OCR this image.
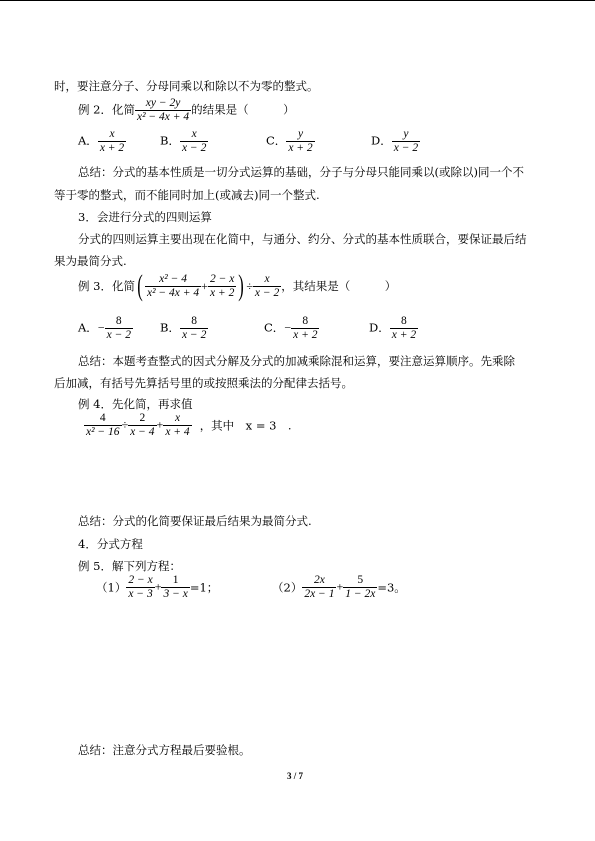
时，要注意分子、分母同乘以和除以不为零的整式。
例 2．化简 $\frac{xy - 2y}{\text{x² − 4x + 4}}$ 的结果是（　　　）
A． $\frac{x}{x + 2}$	B． $\frac{x}{x - 2}$	C． $\frac{y}{x + 2}$	D． $\frac{y}{x - 2}$
总结：分式的基本性质是一切分式运算的基础，分子与分母只能同乘以(或除以)同一个不
等于零的整式，而不能同时加上(或减去)同一个整式.
3．会进行分式的四则运算
分式的四则运算主要出现在化简中，与通分、约分、分式的基本性质联合，要保证最后结
果为最简分式.
例 3．化简( $\frac{\text{x² − 4}}{\text{x² − 4x + 4}} + \frac{2 - x}{x + 2}$ ) ÷ $\frac{x}{x - 2}$ ，其结果是（　　　）
A．− $\frac{8}{x - 2}$ B． $\frac{8}{x - 2}$	C．− $\frac{8}{x + 2}$	D． $\frac{8}{x + 2}$
总结：本题考查整式的因式分解及分式的加减乘除混和运算，要注意运算顺序。先乘除
后加减，有括号先算括号里的或按照乘法的分配律去括号。
例 4．先化简，再求值
$\frac{4}{\text{x² − 16}} \div \frac{2}{x - 4} + \frac{x}{x + 4}$ ，其中　x = 3　.
总结：分式的化简要保证最后结果为最简分式.
4．分式方程
例 5．解下列方程：
$(1) \frac{2 - x}{x - 3} + \frac{1}{3 - x} =1$；	$(2) \frac{2x}{2x - 1} + \frac{5}{1 - 2x} =3$。
总结：注意分式方程最后要验根。
3 / 7
